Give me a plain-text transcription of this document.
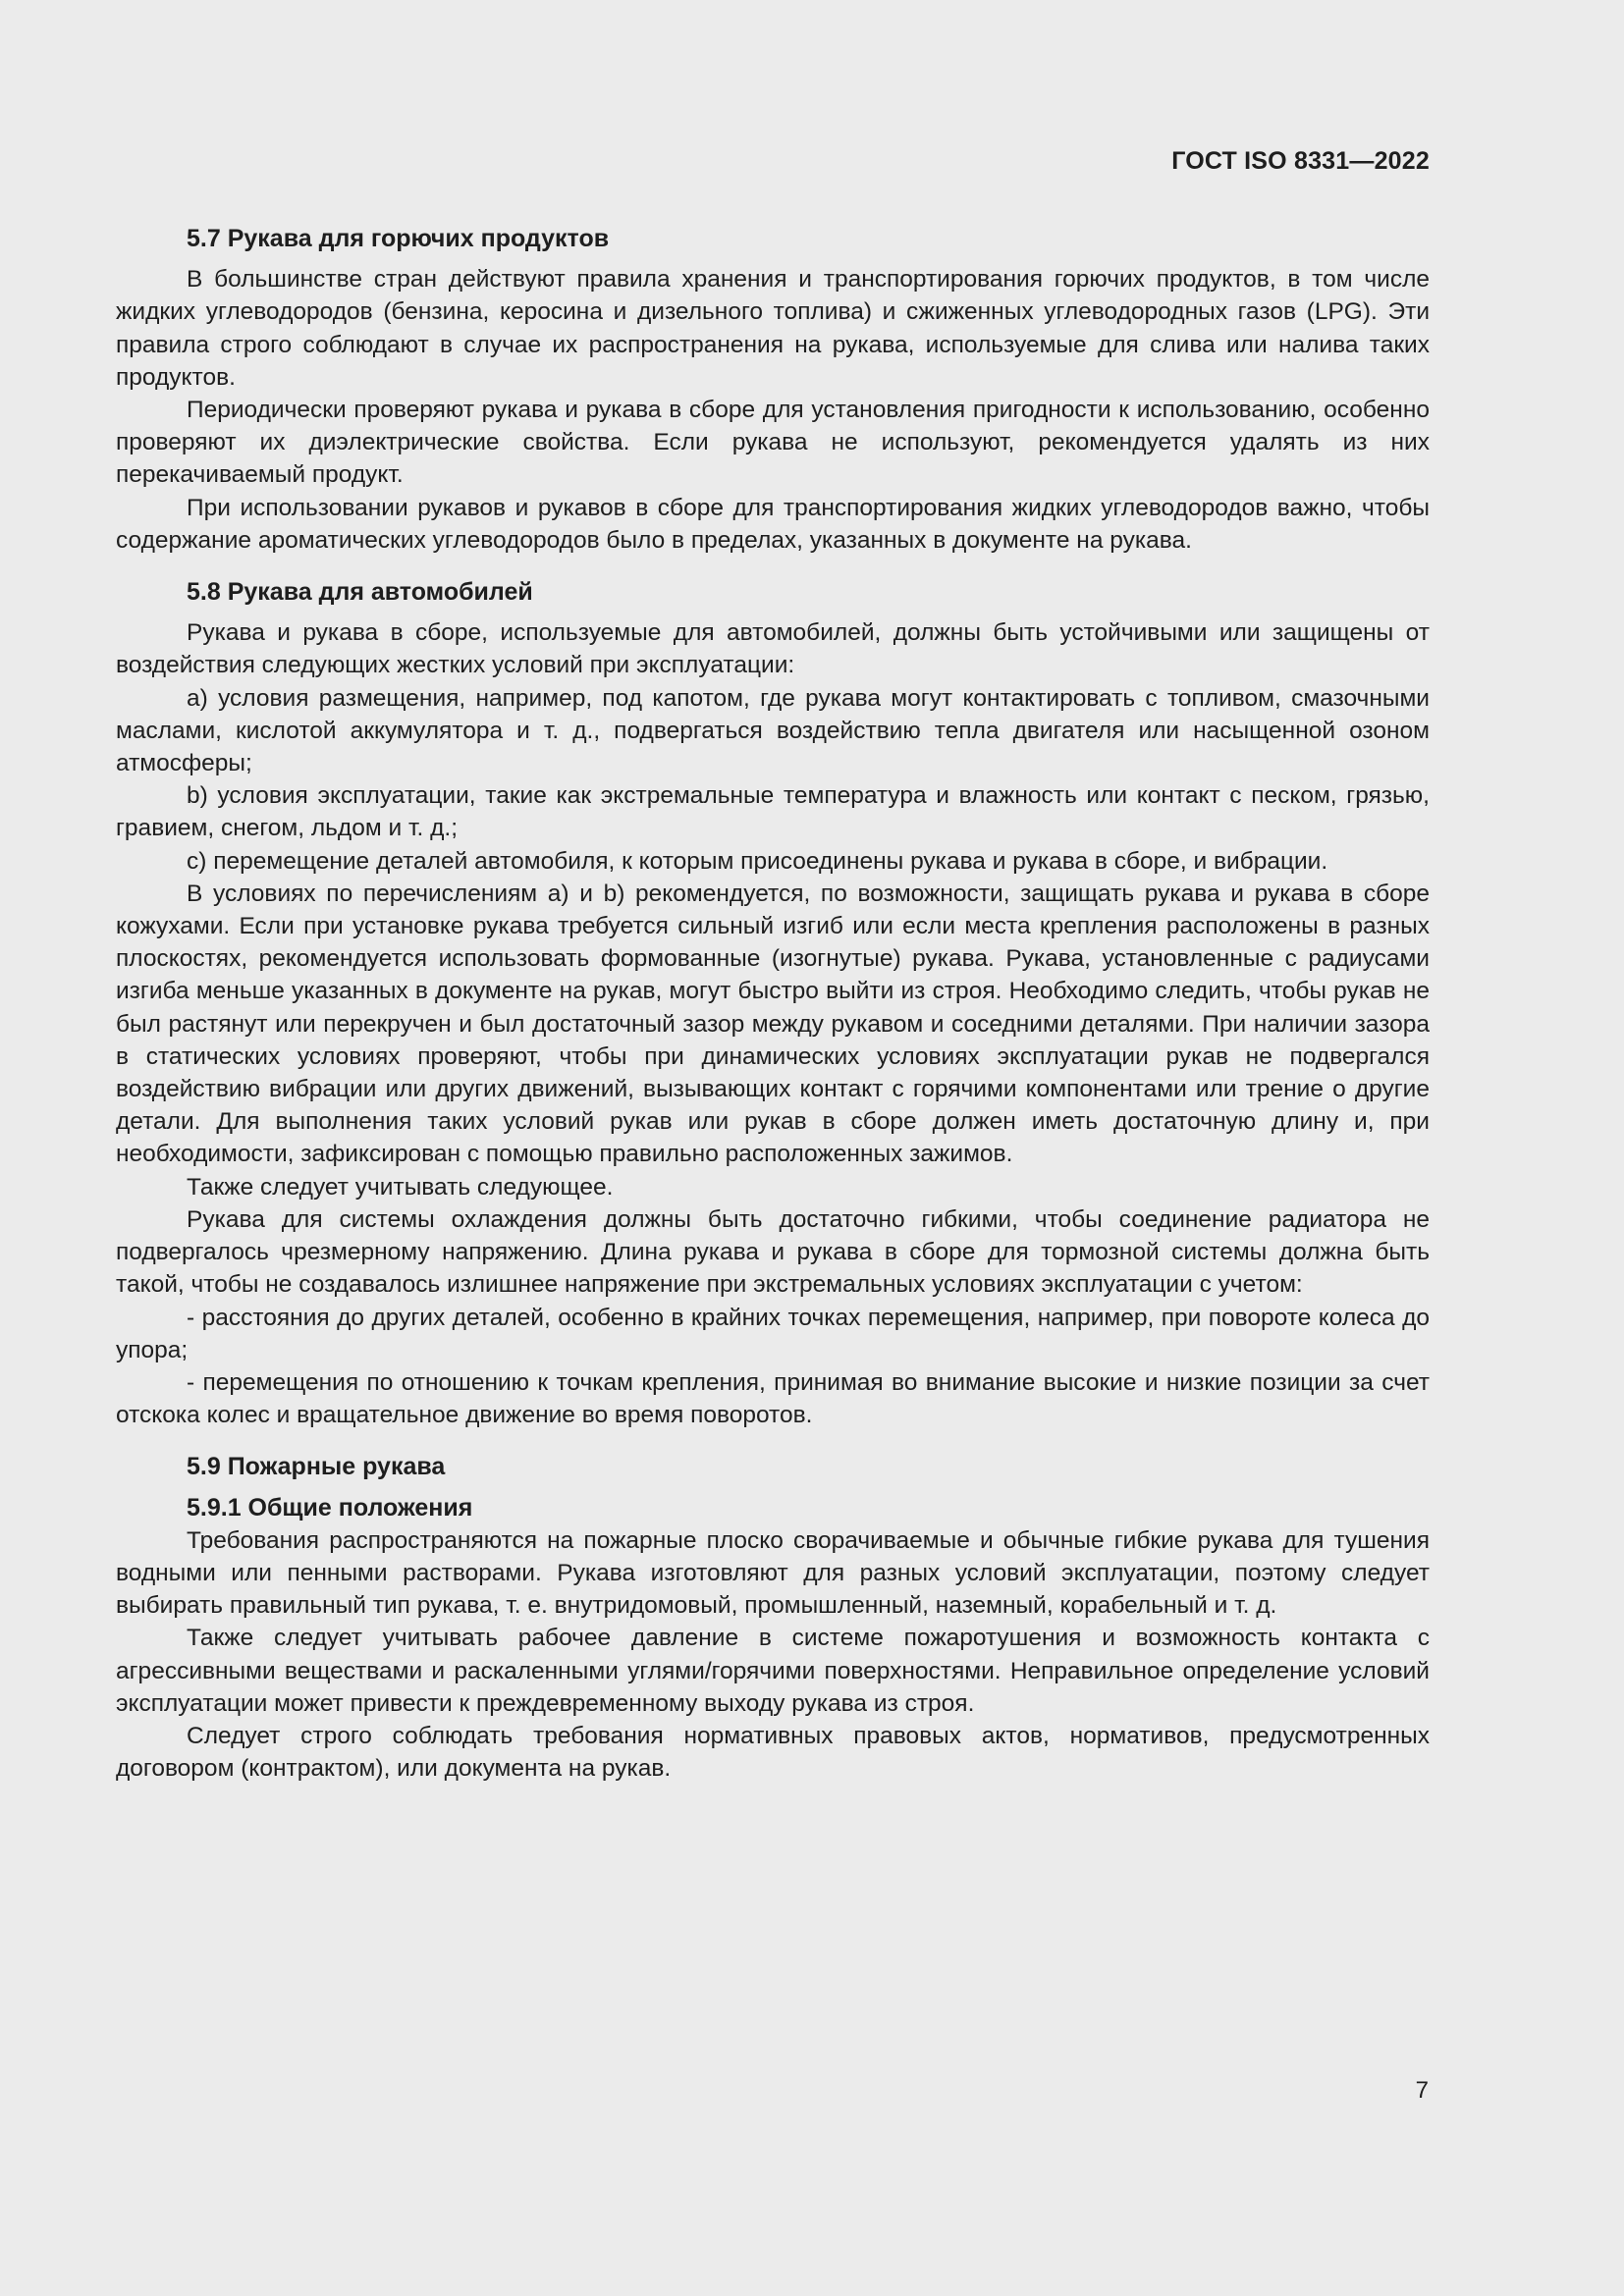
ГОСТ ISO 8331—2022
5.7 Рукава для горючих продуктов

В большинстве стран действуют правила хранения и транспортирования горючих продуктов, в том числе жидких углеводородов (бензина, керосина и дизельного топлива) и сжиженных углеводородных газов (LPG). Эти правила строго соблюдают в случае их распространения на рукава, используемые для слива или налива таких продуктов.

Периодически проверяют рукава и рукава в сборе для установления пригодности к использованию, особенно проверяют их диэлектрические свойства. Если рукава не используют, рекомендуется удалять из них перекачиваемый продукт.

При использовании рукавов и рукавов в сборе для транспортирования жидких углеводородов важно, чтобы содержание ароматических углеводородов было в пределах, указанных в документе на рукава.

5.8 Рукава для автомобилей

Рукава и рукава в сборе, используемые для автомобилей, должны быть устойчивыми или защищены от воздействия следующих жестких условий при эксплуатации:

a) условия размещения, например, под капотом, где рукава могут контактировать с топливом, смазочными маслами, кислотой аккумулятора и т. д., подвергаться воздействию тепла двигателя или насыщенной озоном атмосферы;

b) условия эксплуатации, такие как экстремальные температура и влажность или контакт с песком, грязью, гравием, снегом, льдом и т. д.;

c) перемещение деталей автомобиля, к которым присоединены рукава и рукава в сборе, и вибрации.

В условиях по перечислениям a) и b) рекомендуется, по возможности, защищать рукава и рукава в сборе кожухами. Если при установке рукава требуется сильный изгиб или если места крепления расположены в разных плоскостях, рекомендуется использовать формованные (изогнутые) рукава. Рукава, установленные с радиусами изгиба меньше указанных в документе на рукав, могут быстро выйти из строя. Необходимо следить, чтобы рукав не был растянут или перекручен и был достаточный зазор между рукавом и соседними деталями. При наличии зазора в статических условиях проверяют, чтобы при динамических условиях эксплуатации рукав не подвергался воздействию вибрации или других движений, вызывающих контакт с горячими компонентами или трение о другие детали. Для выполнения таких условий рукав или рукав в сборе должен иметь достаточную длину и, при необходимости, зафиксирован с помощью правильно расположенных зажимов.

Также следует учитывать следующее.

Рукава для системы охлаждения должны быть достаточно гибкими, чтобы соединение радиатора не подвергалось чрезмерному напряжению. Длина рукава и рукава в сборе для тормозной системы должна быть такой, чтобы не создавалось излишнее напряжение при экстремальных условиях эксплуатации с учетом:

- расстояния до других деталей, особенно в крайних точках перемещения, например, при повороте колеса до упора;

- перемещения по отношению к точкам крепления, принимая во внимание высокие и низкие позиции за счет отскока колес и вращательное движение во время поворотов.

5.9 Пожарные рукава
5.9.1 Общие положения

Требования распространяются на пожарные плоско сворачиваемые и обычные гибкие рукава для тушения водными или пенными растворами. Рукава изготовляют для разных условий эксплуатации, поэтому следует выбирать правильный тип рукава, т. е. внутридомовый, промышленный, наземный, корабельный и т. д.

Также следует учитывать рабочее давление в системе пожаротушения и возможность контакта с агрессивными веществами и раскаленными углями/горячими поверхностями. Неправильное определение условий эксплуатации может привести к преждевременному выходу рукава из строя.

Следует строго соблюдать требования нормативных правовых актов, нормативов, предусмотренных договором (контрактом), или документа на рукав.

7
